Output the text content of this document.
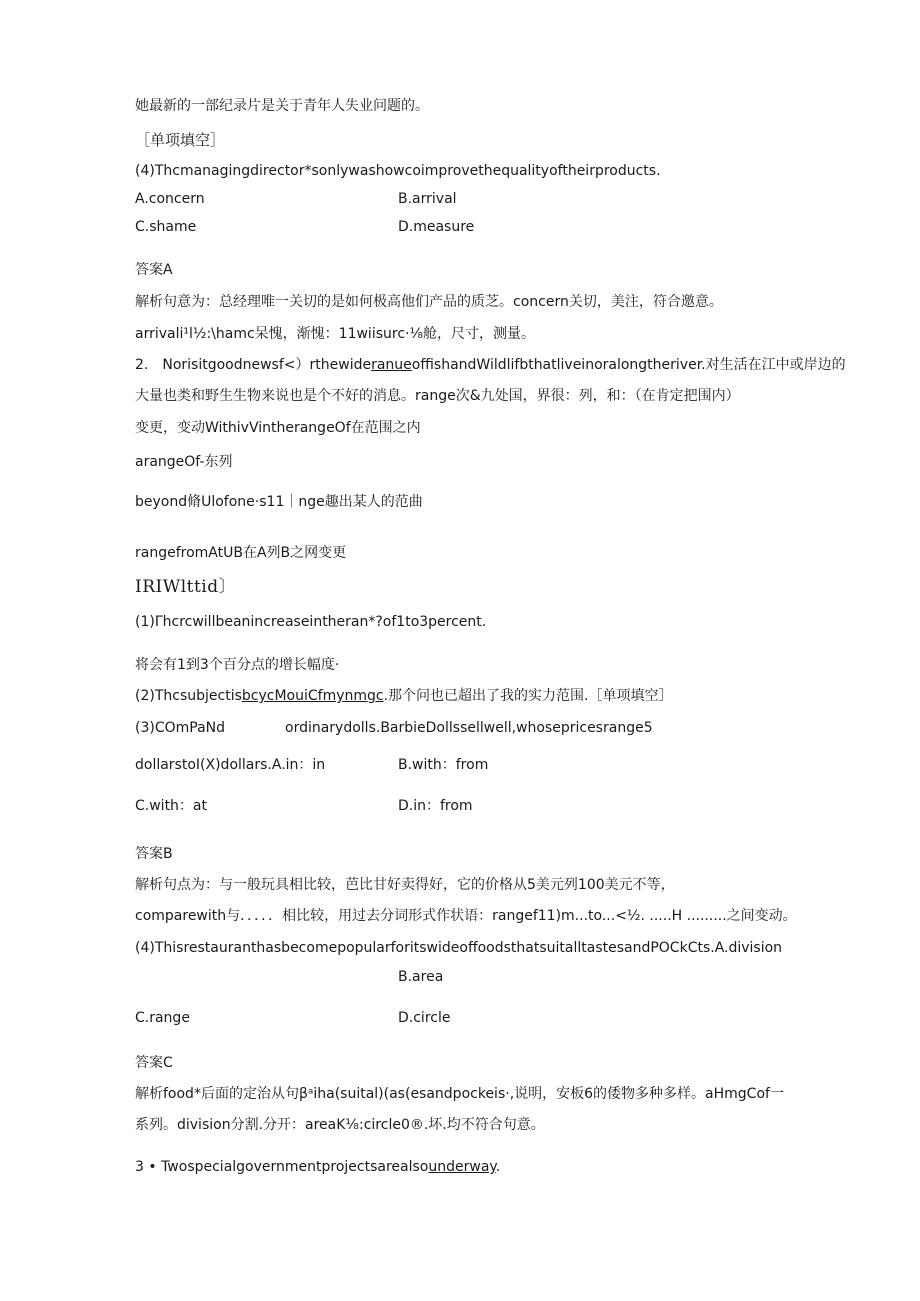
她最新的一部纪录片是关于青年人失业问题的。
［单项填空］
(4)Thcmanagingdirector*sonlywashowcoimprovethequalityoftheirproducts.
A.concern	B.arrival
C.shame	D.measure
答案A
解析句意为：总经理唯一关切的是如何极高他们产品的质芝。concern关切，美注，符合邀意。
arrivali¹l½:\hamc呆愧，渐愧：11wiisurc·⅛舱，尺寸，测量。
2.　Norisitgoodnewsf<）rthewideranueoffishandWildlifbthatliveinoralongtheriver.对生活在江中或岸边的
大量也类和野生生物来说也是个不好的消息。range次&九处国，界很：列，和：（在肯定把围内）
变更，变动WithivVintherangeOf在范围之内
arangeOf-东列
beyond脩Ulofone·s11｜nge趣出某人的范曲
rangefromAtUB在A列B之网变更
IRIWlttid〕
(1)Γhcrcwillbeanincreaseintheran*?of1to3percent.
将会有1到3个百分点的增长幅度·
(2)ThcsubjectisbcycMouiCfmynmgc.那个问也已超出了我的实力范围.［单项填空］
(3)COmPaNd	ordinarydolls.BarbieDollssellwell,whosepricesrange5
dollarstoI(X)dollars.A.in：in	B.with：from
C.with：at	D.in：from
答案B
解析句点为：与一般玩具相比较，芭比甘好卖得好，它的价格从5美元列100美元不等，
comparewith与．．．．．相比较，用过去分词形式作状语：rangef11)m...to...<½. .....H .........之间变动。
(4)ThisrestauranthasbecomepopularforitswideoffoodsthatsuitalltastesandPOCkCts.A.division
B.area
C.range	D.circle
答案C
解析food*后面的定治从句βᵃiha(suital)(as(esandpockeis·,说明，安板6的倭物多种多样。aHmgCof一
系列。division分割.分开：areaK⅛:circle0®.坏.均不符合句意。
3 • Twospecialgovernmentprojectsarealsounderway.
